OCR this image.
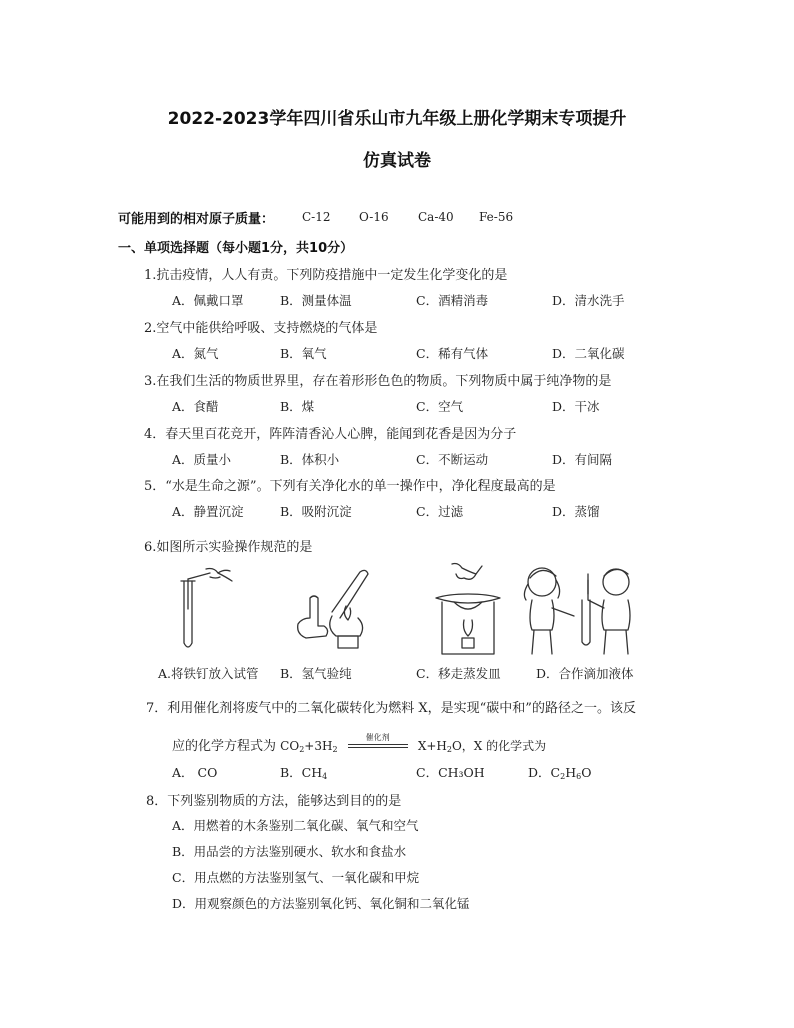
2022-2023学年四川省乐山市九年级上册化学期末专项提升
仿真试卷
可能用到的相对原子质量： C-12 O-16 Ca-40 Fe-56
一、单项选择题（每小题1分，共10分）
1.抗击疫情，人人有责。下列防疫措施中一定发生化学变化的是
A．佩戴口罩	B．测量体温	C．酒精消毒	D．清水洗手
2.空气中能供给呼吸、支持燃烧的气体是
A．氮气	B．氧气	C．稀有气体	D．二氧化碳
3.在我们生活的物质世界里，存在着形形色色的物质。下列物质中属于纯净物的是
A．食醋	B．煤	C．空气	D．干冰
4．春天里百花竞开，阵阵清香沁人心脾，能闻到花香是因为分子
A．质量小	B．体积小	C．不断运动	D．有间隔
5．“水是生命之源”。下列有关净化水的单一操作中，净化程度最高的是
A．静置沉淀	B．吸附沉淀	C．过滤	D．蒸馏
6.如图所示实验操作规范的是
A.将铁钉放入试管 B．氢气验纯	C．移走蒸发皿	D．合作滴加液体
7．利用催化剂将废气中的二氧化碳转化为燃料 X，是实现“碳中和”的路径之一。该反
应的化学方程式为 $CO_2+3H_2$
催化剂
$X+H_2O$，X 的化学式为
A． CO	B．$CH_4$	C．CH₃OH	D．$C_2H_6O$
8．下列鉴别物质的方法，能够达到目的的是
A．用燃着的木条鉴别二氧化碳、氧气和空气
B．用品尝的方法鉴别硬水、软水和食盐水
C．用点燃的方法鉴别氢气、一氧化碳和甲烷
D．用观察颜色的方法鉴别氧化钙、氧化铜和二氧化锰
